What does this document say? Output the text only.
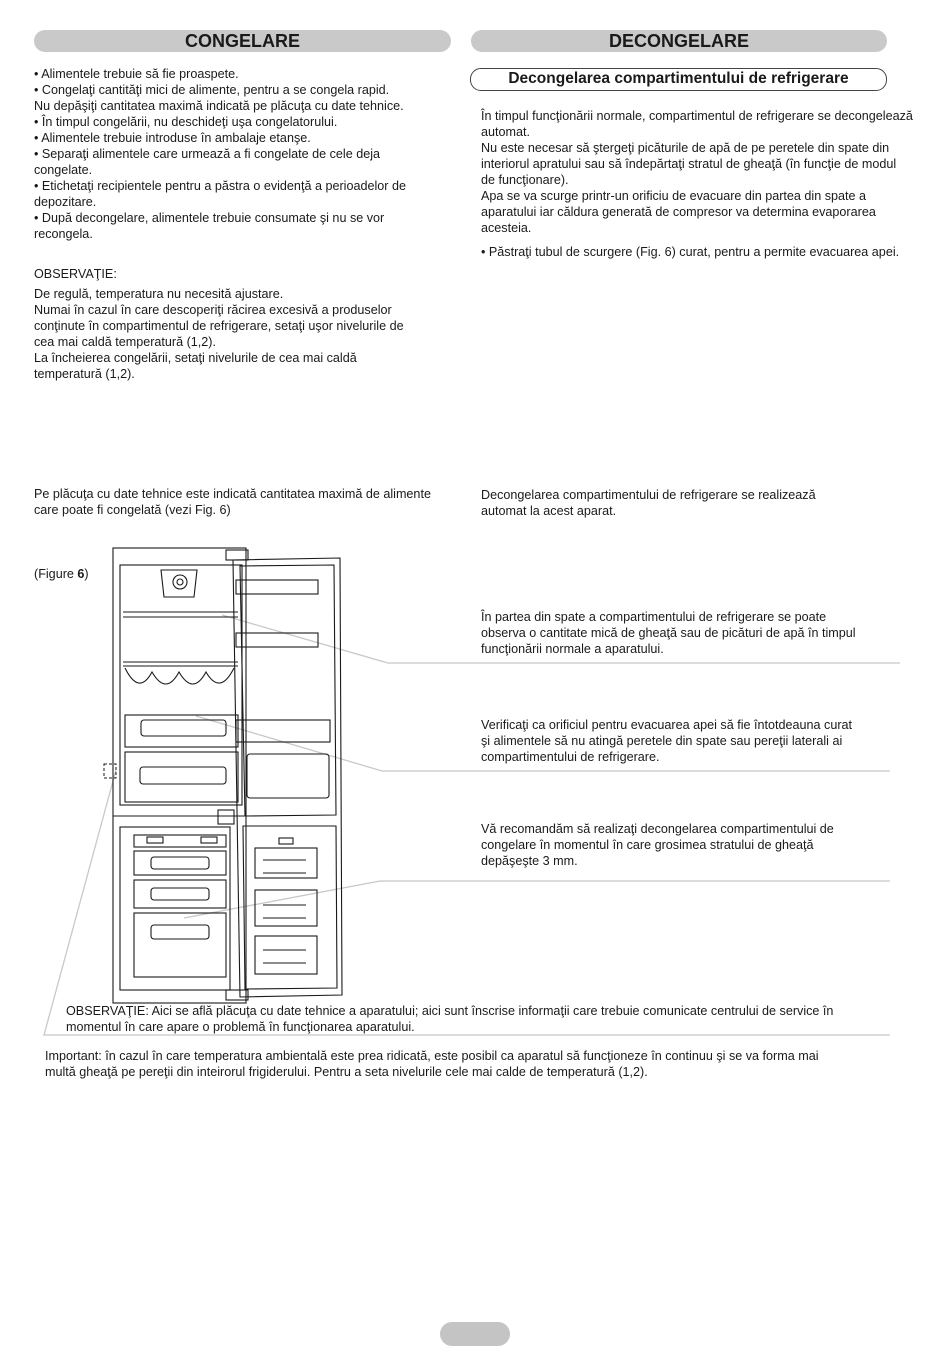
CONGELARE	DECONGELARE

• Alimentele trebuie să fie proaspete.

• Congelaţi cantităţi mici de alimente, pentru a se congela rapid.

Nu depăşiţi cantitatea maximă indicată pe plăcuţa cu date tehnice.

• În timpul congelării, nu deschideţi uşa congelatorului.

• Alimentele trebuie introduse în ambalaje etanşe.

• Separaţi alimentele care urmează a fi congelate de cele deja

congelate.

• Etichetaţi recipientele pentru a păstra o evidenţă a perioadelor de

depozitare.

• După decongelare, alimentele trebuie consumate şi nu se vor

recongela.

OBSERVAŢIE:

De regulă, temperatura nu necesită ajustare.

Numai în cazul în care descoperiţi răcirea excesivă a produselor

conţinute în compartimentul de refrigerare, setaţi uşor nivelurile de

cea mai caldă temperatură (1,2).

La încheierea congelării, setaţi nivelurile de cea mai caldă

temperatură (1,2).

Pe plăcuţa cu date tehnice este indicată cantitatea maximă de alimente

care poate fi congelată (vezi Fig. 6)

(Figure 6)
Decongelarea compartimentului de refrigerare

În timpul funcţionării normale, compartimentul de refrigerare se decongelează

automat.

Nu este necesar să ştergeţi picăturile de apă de pe peretele din spate din

interiorul apratului sau să îndepărtaţi stratul de gheaţă (în funcţie de modul

de funcţionare).

Apa se va scurge printr-un orificiu de evacuare din partea din spate a

aparatului iar căldura generată de compresor va determina evaporarea

acesteia.

• Păstraţi tubul de scurgere (Fig. 6) curat, pentru a permite evacuarea apei.

Decongelarea compartimentului de refrigerare se realizează

automat la acest aparat.

În partea din spate a compartimentului de refrigerare se poate

observa o cantitate mică de gheaţă sau de picături de apă în timpul

funcţionării normale a aparatului.

Verificaţi ca orificiul pentru evacuarea apei să fie întotdeauna curat

şi alimentele să nu atingă peretele din spate sau pereţii laterali ai

compartimentului de refrigerare.

Vă recomandăm să realizaţi decongelarea compartimentului de

congelare în momentul în care grosimea stratului de gheaţă

depăşeşte 3 mm.

OBSERVAŢIE: Aici se află plăcuţa cu date tehnice a aparatului; aici sunt înscrise informaţii care trebuie comunicate centrului de service în

momentul în care apare o problemă în funcţionarea aparatului.

Important: în cazul în care temperatura ambientală este prea ridicată, este posibil ca aparatul să funcţioneze în continuu şi se va forma mai

multă gheaţă pe pereţii din inteirorul frigiderului. Pentru a seta nivelurile cele mai calde de temperatură (1,2).
